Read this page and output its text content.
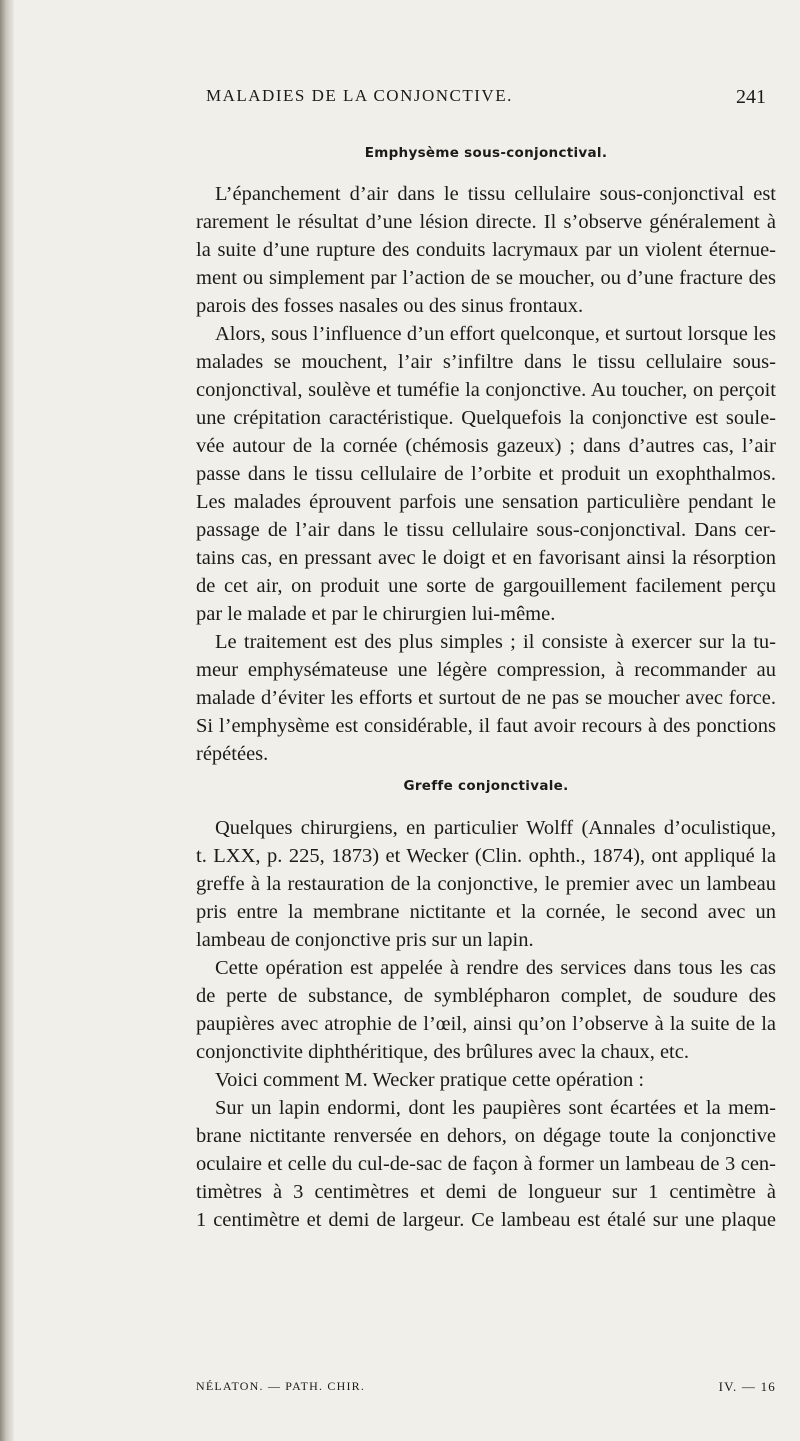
MALADIES DE LA CONJONCTIVE.	241
Emphysème sous-conjonctival.
L’épanchement d’air dans le tissu cellulaire sous-conjonctival est
rarement le résultat d’une lésion directe. Il s’observe généralement à
la suite d’une rupture des conduits lacrymaux par un violent éternue-
ment ou simplement par l’action de se moucher, ou d’une fracture des
parois des fosses nasales ou des sinus frontaux.
Alors, sous l’influence d’un effort quelconque, et surtout lorsque les
malades se mouchent, l’air s’infiltre dans le tissu cellulaire sous-
conjonctival, soulève et tuméfie la conjonctive. Au toucher, on perçoit
une crépitation caractéristique. Quelquefois la conjonctive est soule-
vée autour de la cornée (chémosis gazeux) ; dans d’autres cas, l’air
passe dans le tissu cellulaire de l’orbite et produit un exophthalmos.
Les malades éprouvent parfois une sensation particulière pendant le
passage de l’air dans le tissu cellulaire sous-conjonctival. Dans cer-
tains cas, en pressant avec le doigt et en favorisant ainsi la résorption
de cet air, on produit une sorte de gargouillement facilement perçu
par le malade et par le chirurgien lui-même.
Le traitement est des plus simples ; il consiste à exercer sur la tu-
meur emphysémateuse une légère compression, à recommander au
malade d’éviter les efforts et surtout de ne pas se moucher avec force.
Si l’emphysème est considérable, il faut avoir recours à des ponctions
répétées.
Greffe conjonctivale.
Quelques chirurgiens, en particulier Wolff (Annales d’oculistique,
t. LXX, p. 225, 1873) et Wecker (Clin. ophth., 1874), ont appliqué la
greffe à la restauration de la conjonctive, le premier avec un lambeau
pris entre la membrane nictitante et la cornée, le second avec un
lambeau de conjonctive pris sur un lapin.
Cette opération est appelée à rendre des services dans tous les cas
de perte de substance, de symblépharon complet, de soudure des
paupières avec atrophie de l’œil, ainsi qu’on l’observe à la suite de la
conjonctivite diphthéritique, des brûlures avec la chaux, etc.
Voici comment M. Wecker pratique cette opération :
Sur un lapin endormi, dont les paupières sont écartées et la mem-
brane nictitante renversée en dehors, on dégage toute la conjonctive
oculaire et celle du cul-de-sac de façon à former un lambeau de 3 cen-
timètres à 3 centimètres et demi de longueur sur 1 centimètre à
1 centimètre et demi de largeur. Ce lambeau est étalé sur une plaque
NÉLATON. — PATH. CHIR.	IV. — 16
